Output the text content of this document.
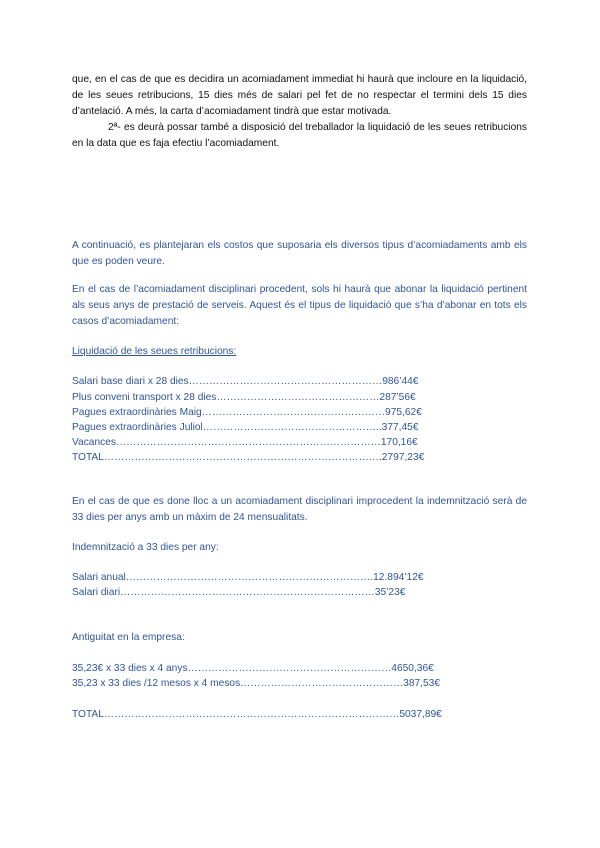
que, en el cas de que es decidira un acomiadament immediat hi haurà que incloure en la liquidació, de les seues retribucions, 15 dies més de salari pel fet de no respectar el termini dels 15 dies d’antelació. A més, la carta d’acomiadament tindrà que estar motivada.
2ª- es deurà possar també a disposició del treballador la liquidació de les seues retribucions en la data que es faja efectiu l’acomiadament.

A continuació, es plantejaran els costos que suposaria els diversos tipus d’acomiadaments amb els que es poden veure.

En el cas de l’acomiadament disciplinari procedent, sols hi haurà que abonar la liquidació pertinent als seus anys de prestació de serveis. Aquest és el tipus de liquidació que s’ha d’abonar en tots els casos d’acomiadament:

Liquidació de les seues retribucions:

Salari base diari x 28 dies…………………………………………………986’44€

Plus conveni transport x 28 dies…………………………………………287’56€

Pagues extraordinàries Maig………………………………………………975,62€

Pagues extraordinàries Juliol……………………………………………..377,45€

Vacances……………………………………………………………………170,16€

TOTAL……………………………………………………………………….2797,23€

En el cas de que es done lloc a un acomiadament disciplinari improcedent la indemnització serà de 33 dies per anys amb un màxim de 24 mensualitats.

Indemnització a 33 dies per any:

Salari anual……………………………………………………………….12.894’12€

Salari diari…………………………………………………………………35’23€

Antiguitat en la empresa:

35,23€ x 33 dies x 4 anys……………………………………………………4650,36€

35,23 x 33 dies /12 mesos x 4 mesos…………………………………………387,53€

TOTAL……………………………………………………………………………5037,89€
